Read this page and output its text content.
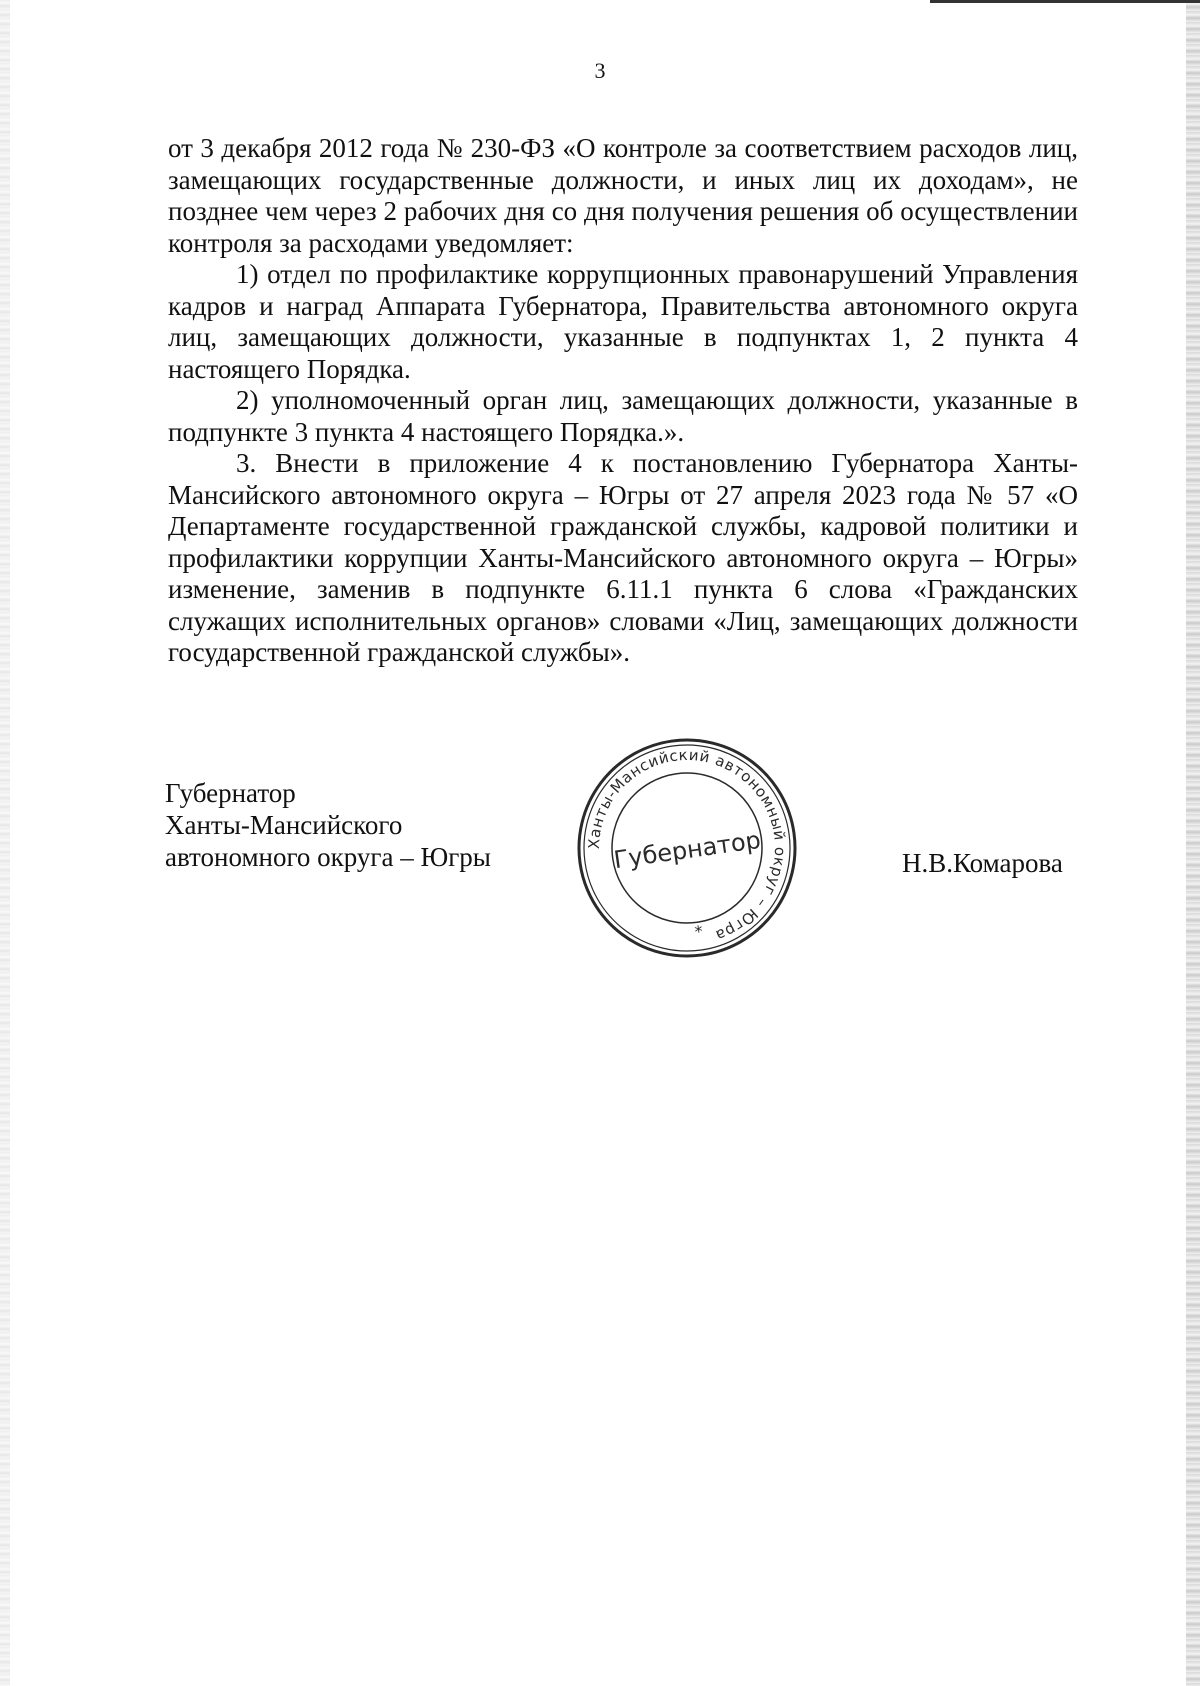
3

от 3 декабря 2012 года № 230-ФЗ «О контроле за соответствием расходов лиц, замещающих государственные должности, и иных лиц их доходам», не позднее чем через 2 рабочих дня со дня получения решения об осуществлении контроля за расходами уведомляет:

1) отдел по профилактике коррупционных правонарушений Управления кадров и наград Аппарата Губернатора, Правительства автономного округа лиц, замещающих должности, указанные в подпунктах 1, 2 пункта 4 настоящего Порядка.

2) уполномоченный орган лиц, замещающих должности, указанные в подпункте 3 пункта 4 настоящего Порядка.».

3. Внести в приложение 4 к постановлению Губернатора Ханты-Мансийского автономного округа – Югры от 27 апреля 2023 года № 57 «О Департаменте государственной гражданской службы, кадровой политики и профилактики коррупции Ханты-Мансийского автономного округа – Югры» изменение, заменив в подпункте 6.11.1 пункта 6 слова «Гражданских служащих исполнительных органов» словами «Лиц, замещающих должности государственной гражданской службы».

Губернатор
Ханты-Мансийского
автономного округа – Югры	Ханты-Мансийский автономный округ – Югра
Губернатор
*
Н.В.Комарова
